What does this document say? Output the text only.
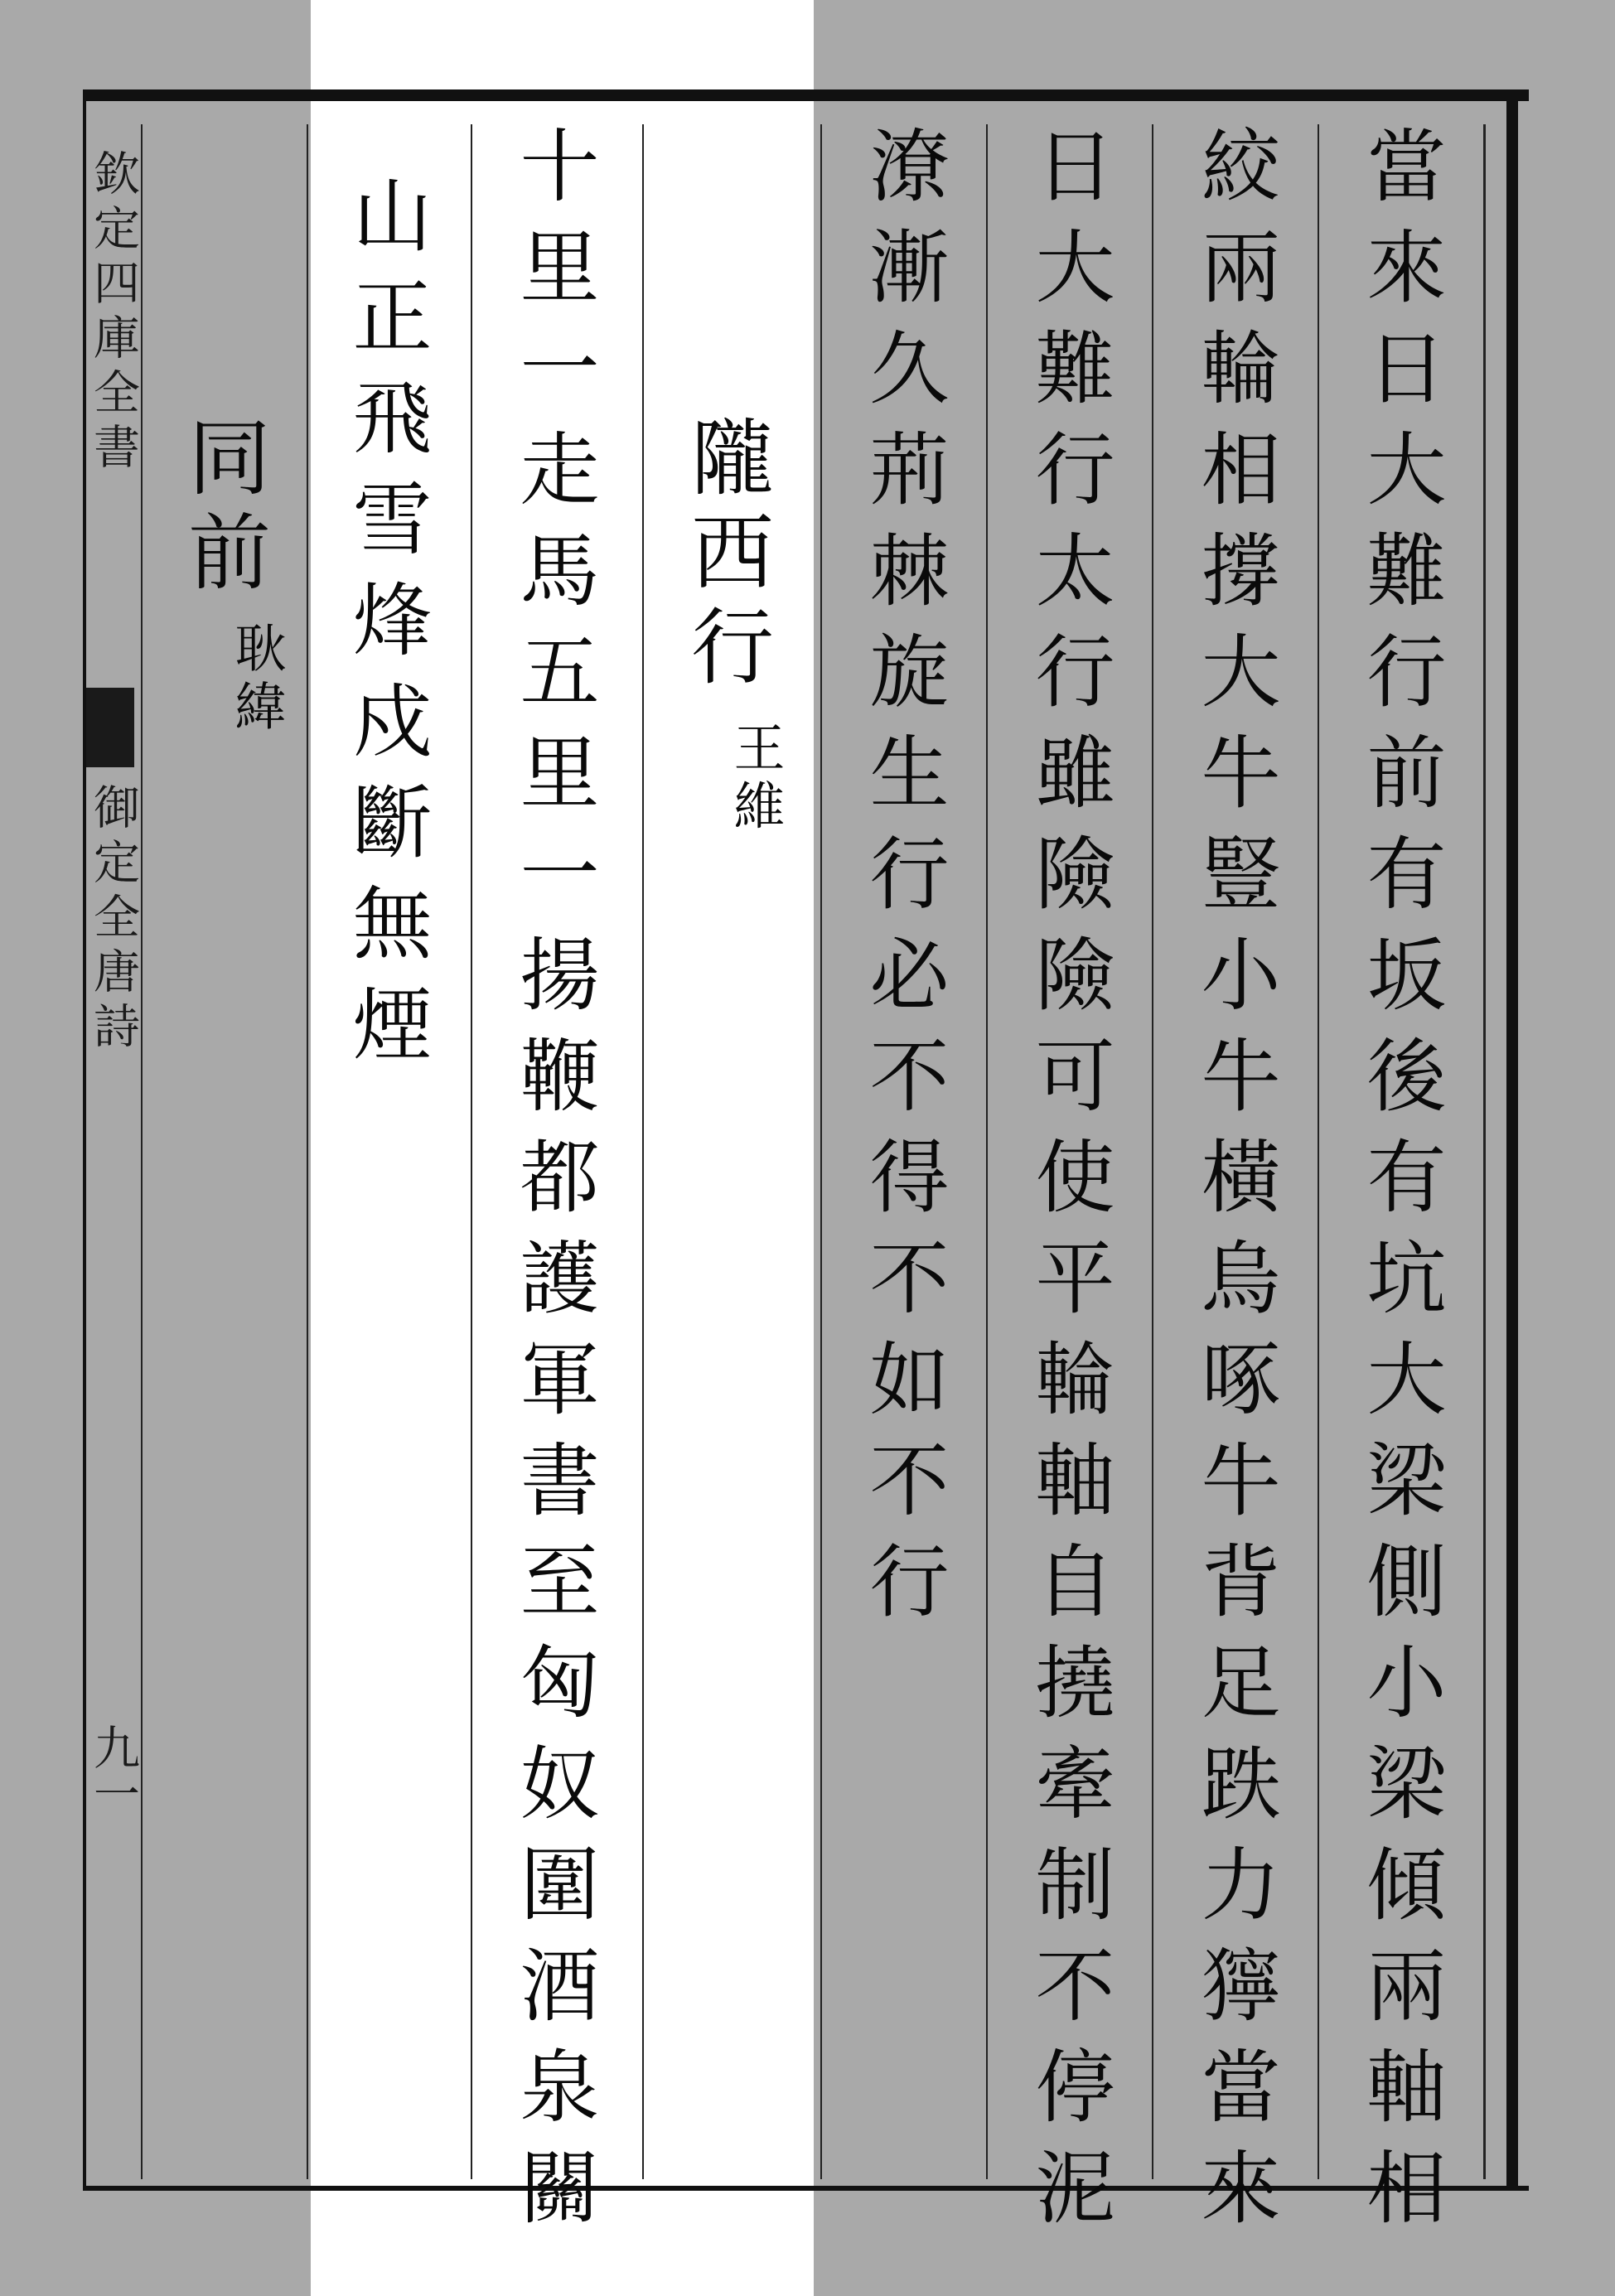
欽定四庫全書
御定全唐詩
九一	當來日大難行前有坂後有坑大梁側小梁傾兩軸相
絞兩輪相撐大牛豎小牛橫烏啄牛背足跌力獰當來
日大難行太行雖險險可使平輪軸自撓牽制不停泥
潦漸久荊棘旋生行必不得不如不行
隴西行
王維
十里一走馬五里一揚鞭都護軍書至匈奴圍酒泉關
山正飛雪烽戍斷無煙
同前
耿緯
